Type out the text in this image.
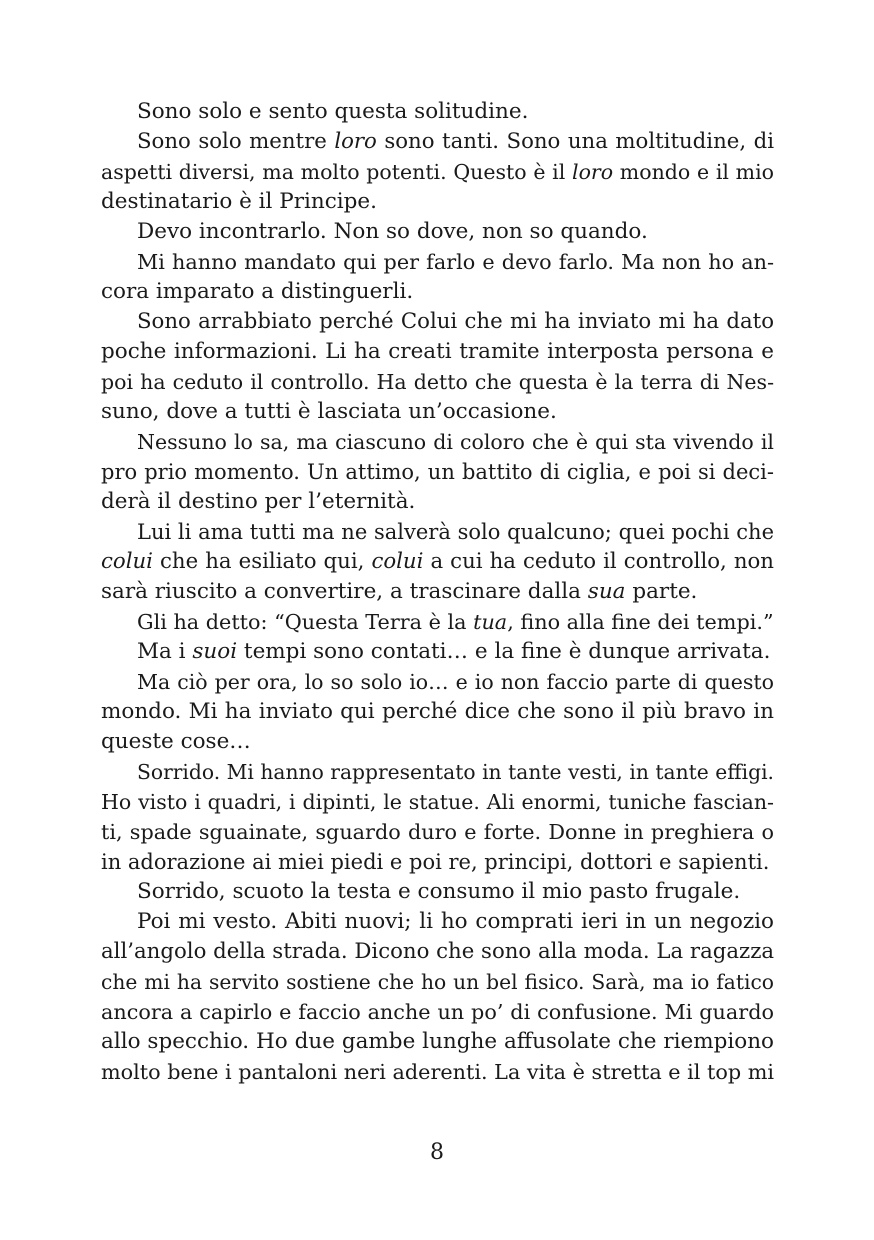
Sono solo e sento questa solitudine.
Sono solo mentre loro sono tanti. Sono una moltitudine, di
aspetti diversi, ma molto potenti. Questo è il loro mondo e il mio
destinatario è il Principe.
Devo incontrarlo. Non so dove, non so quando.
Mi hanno mandato qui per farlo e devo farlo. Ma non ho an-
cora imparato a distinguerli.
Sono arrabbiato perché Colui che mi ha inviato mi ha dato
poche informazioni. Li ha creati tramite interposta persona e
poi ha ceduto il controllo. Ha detto che questa è la terra di Nes-
suno, dove a tutti è lasciata un’occasione.
Nessuno lo sa, ma ciascuno di coloro che è qui sta vivendo il
pro prio momento. Un attimo, un battito di ciglia, e poi si deci-
derà il destino per l’eternità.
Lui li ama tutti ma ne salverà solo qualcuno; quei pochi che
colui che ha esiliato qui, colui a cui ha ceduto il controllo, non
sarà riuscito a convertire, a trascinare dalla sua parte.
Gli ha detto: “Questa Terra è la tua, fino alla fine dei tempi.”
Ma i suoi tempi sono contati… e la fine è dunque arrivata.
Ma ciò per ora, lo so solo io… e io non faccio parte di questo
mondo. Mi ha inviato qui perché dice che sono il più bravo in
queste cose…
Sorrido. Mi hanno rappresentato in tante vesti, in tante effigi.
Ho visto i quadri, i dipinti, le statue. Ali enormi, tuniche fascian-
ti, spade sguainate, sguardo duro e forte. Donne in preghiera o
in adorazione ai miei piedi e poi re, principi, dottori e sapienti.
Sorrido, scuoto la testa e consumo il mio pasto frugale.
Poi mi vesto. Abiti nuovi; li ho comprati ieri in un negozio
all’angolo della strada. Dicono che sono alla moda. La ragazza
che mi ha servito sostiene che ho un bel fisico. Sarà, ma io fatico
ancora a capirlo e faccio anche un po’ di confusione. Mi guardo
allo specchio. Ho due gambe lunghe affusolate che riempiono
molto bene i pantaloni neri aderenti. La vita è stretta e il top mi
8
